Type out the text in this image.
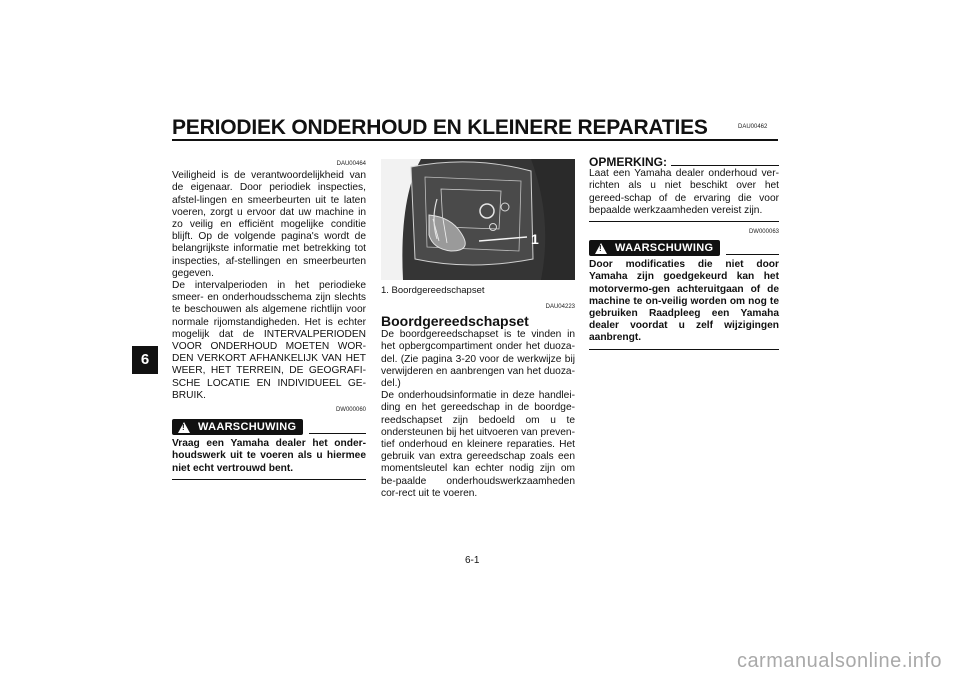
PERIODIEK ONDERHOUD EN KLEINERE REPARATIES	DAU00462
6
DAU00464

Veiligheid is de verantwoordelijkheid van de eigenaar. Door periodiek inspecties, afstel-lingen en smeerbeurten uit te laten voeren, zorgt u ervoor dat uw machine in zo veilig en efficiënt mogelijke conditie blijft. Op de volgende pagina's wordt de belangrijkste informatie met betrekking tot inspecties, af-stellingen en smeerbeurten gegeven.

De intervalperioden in het periodieke smeer- en onderhoudsschema zijn slechts te beschouwen als algemene richtlijn voor normale rijomstandigheden. Het is echter mogelijk dat de INTERVALPERIODEN VOOR ONDERHOUD MOETEN WOR-DEN VERKORT AFHANKELIJK VAN HET WEER, HET TERREIN, DE GEOGRAFI-SCHE LOCATIE EN INDIVIDUEEL GE-BRUIK.

DW000060
! WAARSCHUWING
Vraag een Yamaha dealer het onder-houdswerk uit te voeren als u hiermee niet echt vertrouwd bent.
1
1. Boordgereedschapset
DAU04223
Boordgereedschapset

De boordgereedschapset is te vinden in het opbergcompartiment onder het duoza-del. (Zie pagina 3-20 voor de werkwijze bij verwijderen en aanbrengen van het duoza-del.)

De onderhoudsinformatie in deze handlei-ding en het gereedschap in de boordge-reedschapset zijn bedoeld om u te ondersteunen bij het uitvoeren van preven-tief onderhoud en kleinere reparaties. Het gebruik van extra gereedschap zoals een momentsleutel kan echter nodig zijn om be-paalde onderhoudswerkzaamheden cor-rect uit te voeren.

OPMERKING:

Laat een Yamaha dealer onderhoud ver-richten als u niet beschikt over het gereed-schap of de ervaring die voor bepaalde werkzaamheden vereist zijn.

DW000063
! WAARSCHUWING
Door modificaties die niet door Yamaha zijn goedgekeurd kan het motorvermo-gen achteruitgaan of de machine te on-veilig worden om nog te gebruiken Raadpleeg een Yamaha dealer voordat u zelf wijzigingen aanbrengt.
6-1
carmanualsonline.info
